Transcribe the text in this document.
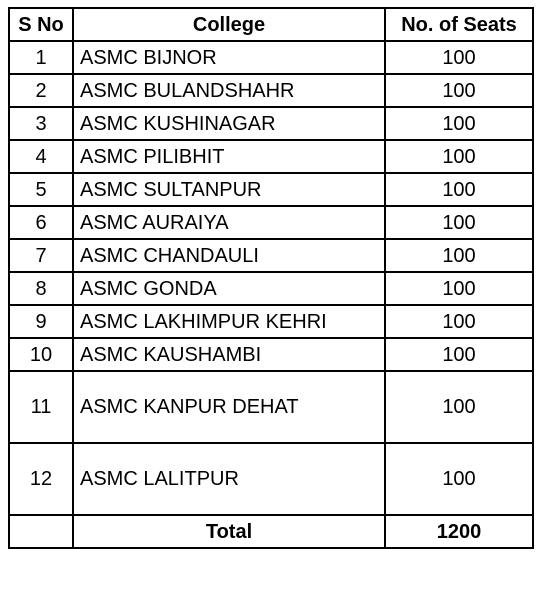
S No	College	No. of Seats
1	ASMC BIJNOR	100
2	ASMC BULANDSHAHR	100
3	ASMC KUSHINAGAR	100
4	ASMC PILIBHIT	100
5	ASMC SULTANPUR	100
6	ASMC AURAIYA	100
7	ASMC CHANDAULI	100
8	ASMC GONDA	100
9	ASMC LAKHIMPUR KEHRI	100
10	ASMC KAUSHAMBI	100
11	ASMC KANPUR DEHAT	100
12	ASMC LALITPUR	100
	Total	1200
